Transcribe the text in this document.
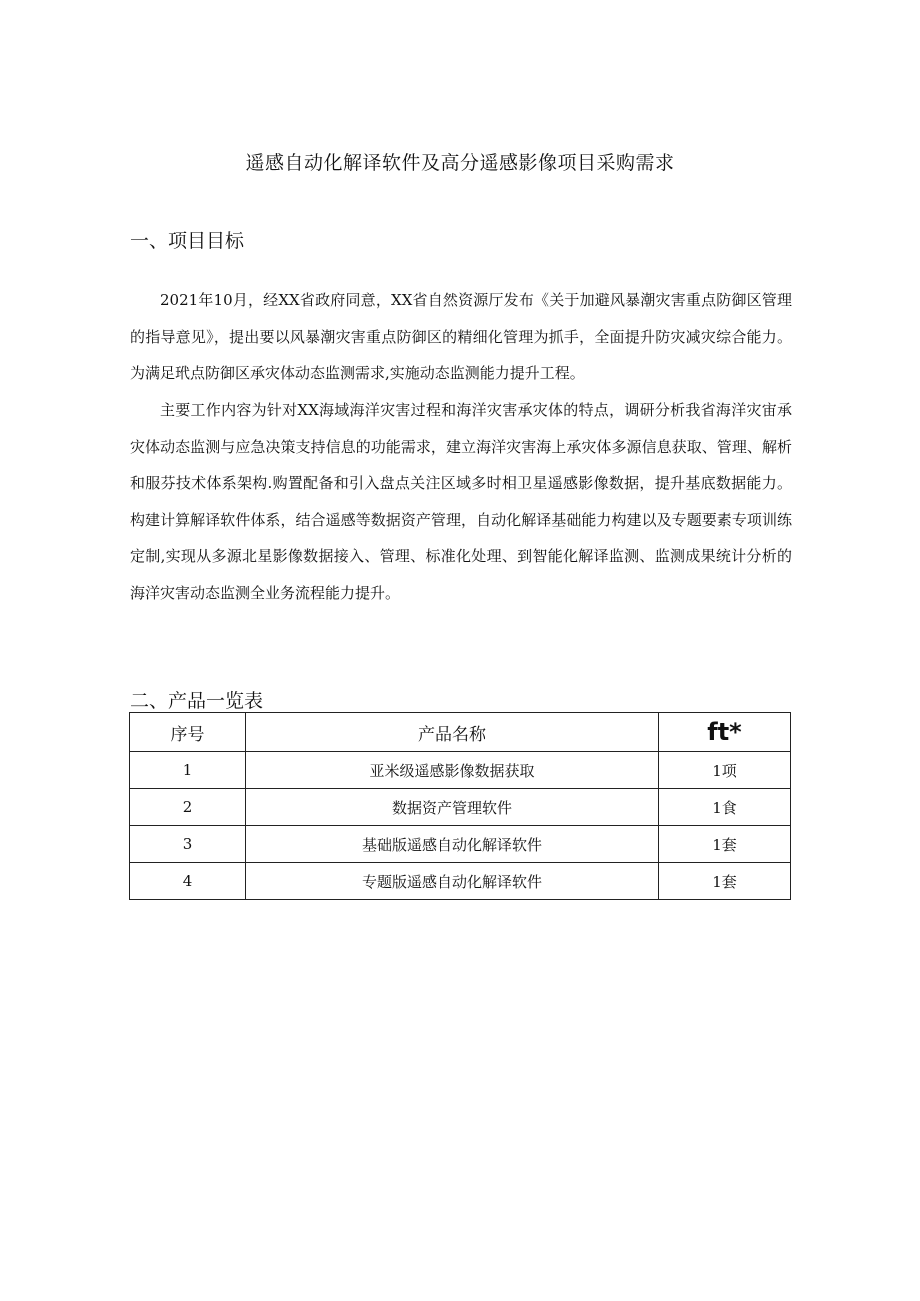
遥感自动化解译软件及高分遥感影像项目采购需求
一、项目目标

2021年10月，经XX省政府同意，XX省自然资源厅发布《关于加避风暴潮灾害重点防御区管理的指导意见》，提出要以风暴潮灾害重点防御区的精细化管理为抓手，全面提升防灾减灾综合能力。为满足玳点防御区承灾体动态监测需求,实施动态监测能力提升工程。

主要工作内容为针对XX海域海洋灾害过程和海洋灾害承灾体的特点，调研分析我省海洋灾宙承灾体动态监测与应急决策支持信息的功能需求，建立海洋灾害海上承灾体多源信息获取、管理、解析和服芬技术体系架构.购置配备和引入盘点关注区域多时相卫星遥感影像数据，提升基底数据能力。构建计算解译软件体系，结合遥感等数据资产管理，自动化解译基础能力构建以及专题要素专项训练定制,实现从多源北星影像数据接入、管理、标准化处理、到智能化解译监测、监测成果统计分析的海洋灾害动态监测全业务流程能力提升。

二、产品一览表
序号	产品名称	ft*
1	亚米级遥感影像数据获取	1项
2	数据资产管理软件	1食
3	基础版遥感自动化解译软件	1套
4	专题版遥感自动化解译软件	1套
